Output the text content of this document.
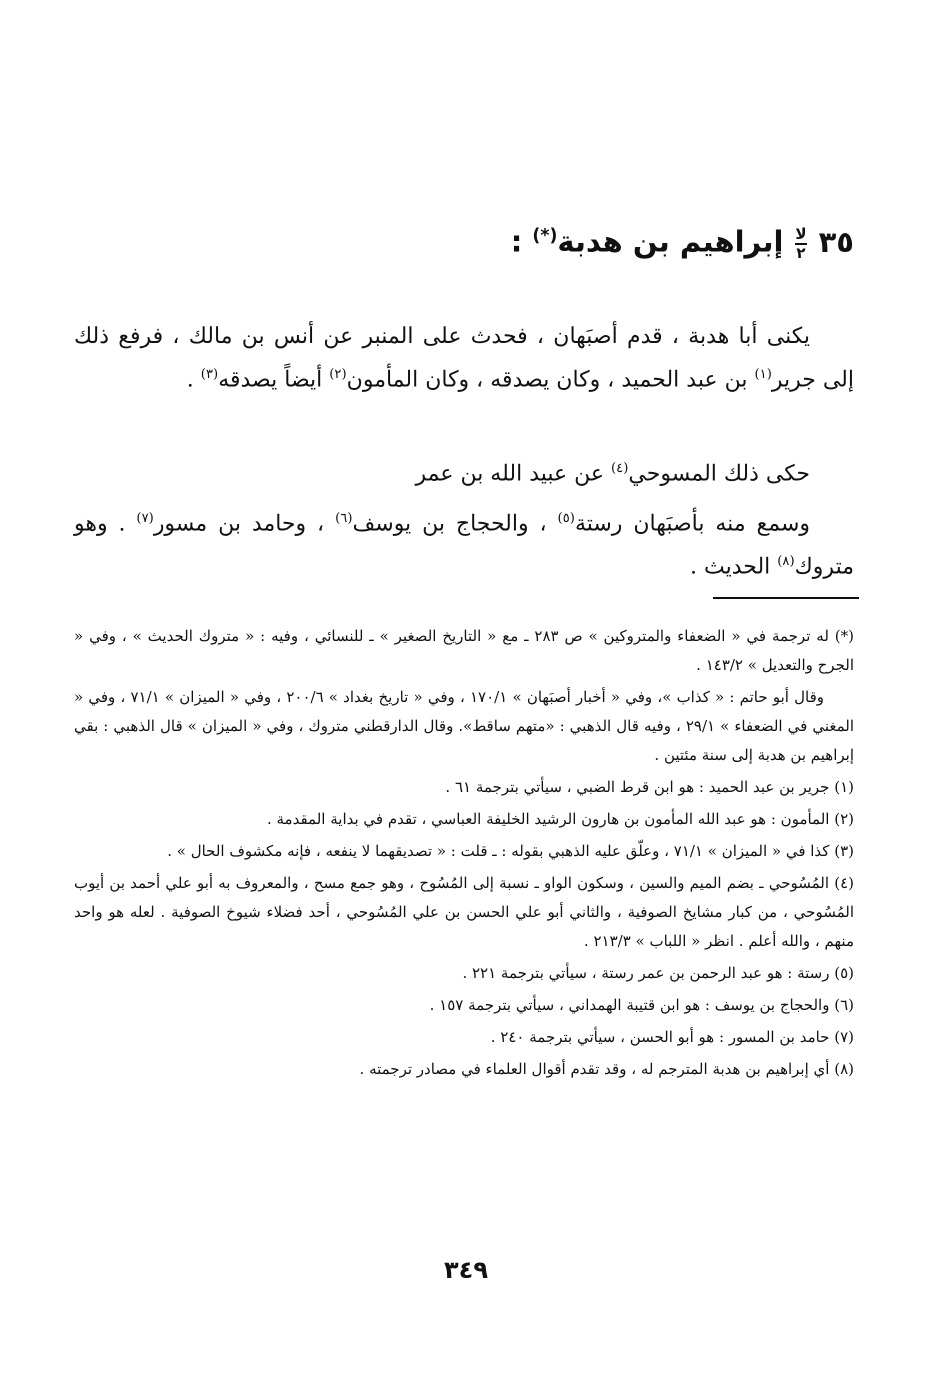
٣٥
$\frac{\text{لا}}{٢}$
إبراهيم بن هدبة(*) :

يكنى أبا هدبة ، قدم أصبَهان ، فحدث على المنبر عن أنس بن مالك ، فرفع ذلك إلى جرير$^{(١)}$ بن عبد الحميد ، وكان يصدقه ، وكان المأمون$^{(٢)}$ أيضاً يصدقه$^{(٣)}$ .

حكى ذلك المسوحي$^{(٤)}$ عن عبيد الله بن عمر

وسمع منه بأصبَهان رستة$^{(٥)}$ ، والحجاج بن يوسف$^{(٦)}$ ، وحامد بن مسور$^{(٧)}$ . وهو متروك$^{(٨)}$ الحديث .

(*) له ترجمة في « الضعفاء والمتروكين » ص ٢٨٣ ـ مع « التاريخ الصغير » ـ للنسائي ، وفيه : « متروك الحديث » ، وفي « الجرح والتعديل » ١٤٣/٢ .

وقال أبو حاتم : « كذاب »، وفي « أخبار أصبَهان » ١٧٠/١ ، وفي « تاريخ بغداد » ٢٠٠/٦ ، وفي « الميزان » ٧١/١ ، وفي « المغني في الضعفاء » ٢٩/١ ، وفيه قال الذهبي : «متهم ساقط». وقال الدارقطني متروك ، وفي « الميزان » قال الذهبي : بقي إبراهيم بن هدبة إلى سنة مئتين .

(١) جرير بن عبد الحميد : هو ابن قرط الضبي ، سيأتي بترجمة ٦١ .

(٢) المأمون : هو عبد الله المأمون بن هارون الرشيد الخليفة العباسي ، تقدم في بداية المقدمة .

(٣) كذا في « الميزان » ٧١/١ ، وعلّق عليه الذهبي بقوله : ـ قلت : « تصديقهما لا ينفعه ، فإنه مكشوف الحال » .

(٤) المُسُوحي ـ بضم الميم والسين ، وسكون الواو ـ نسبة إلى المُسُوح ، وهو جمع مسح ، والمعروف به أبو علي أحمد بن أيوب المُسُوحي ، من كبار مشايخ الصوفية ، والثاني أبو علي الحسن بن علي المُسُوحي ، أحد فضلاء شيوخ الصوفية . لعله هو واحد منهم ، والله أعلم . انظر « اللباب » ٢١٣/٣ .

(٥) رستة : هو عبد الرحمن بن عمر رستة ، سيأتي بترجمة ٢٢١ .

(٦) والحجاج بن يوسف : هو ابن قتيبة الهمداني ، سيأتي بترجمة ١٥٧ .

(٧) حامد بن المسور : هو أبو الحسن ، سيأتي بترجمة ٢٤٠ .

(٨) أي إبراهيم بن هدبة المترجم له ، وقد تقدم أقوال العلماء في مصادر ترجمته .

٣٤٩
